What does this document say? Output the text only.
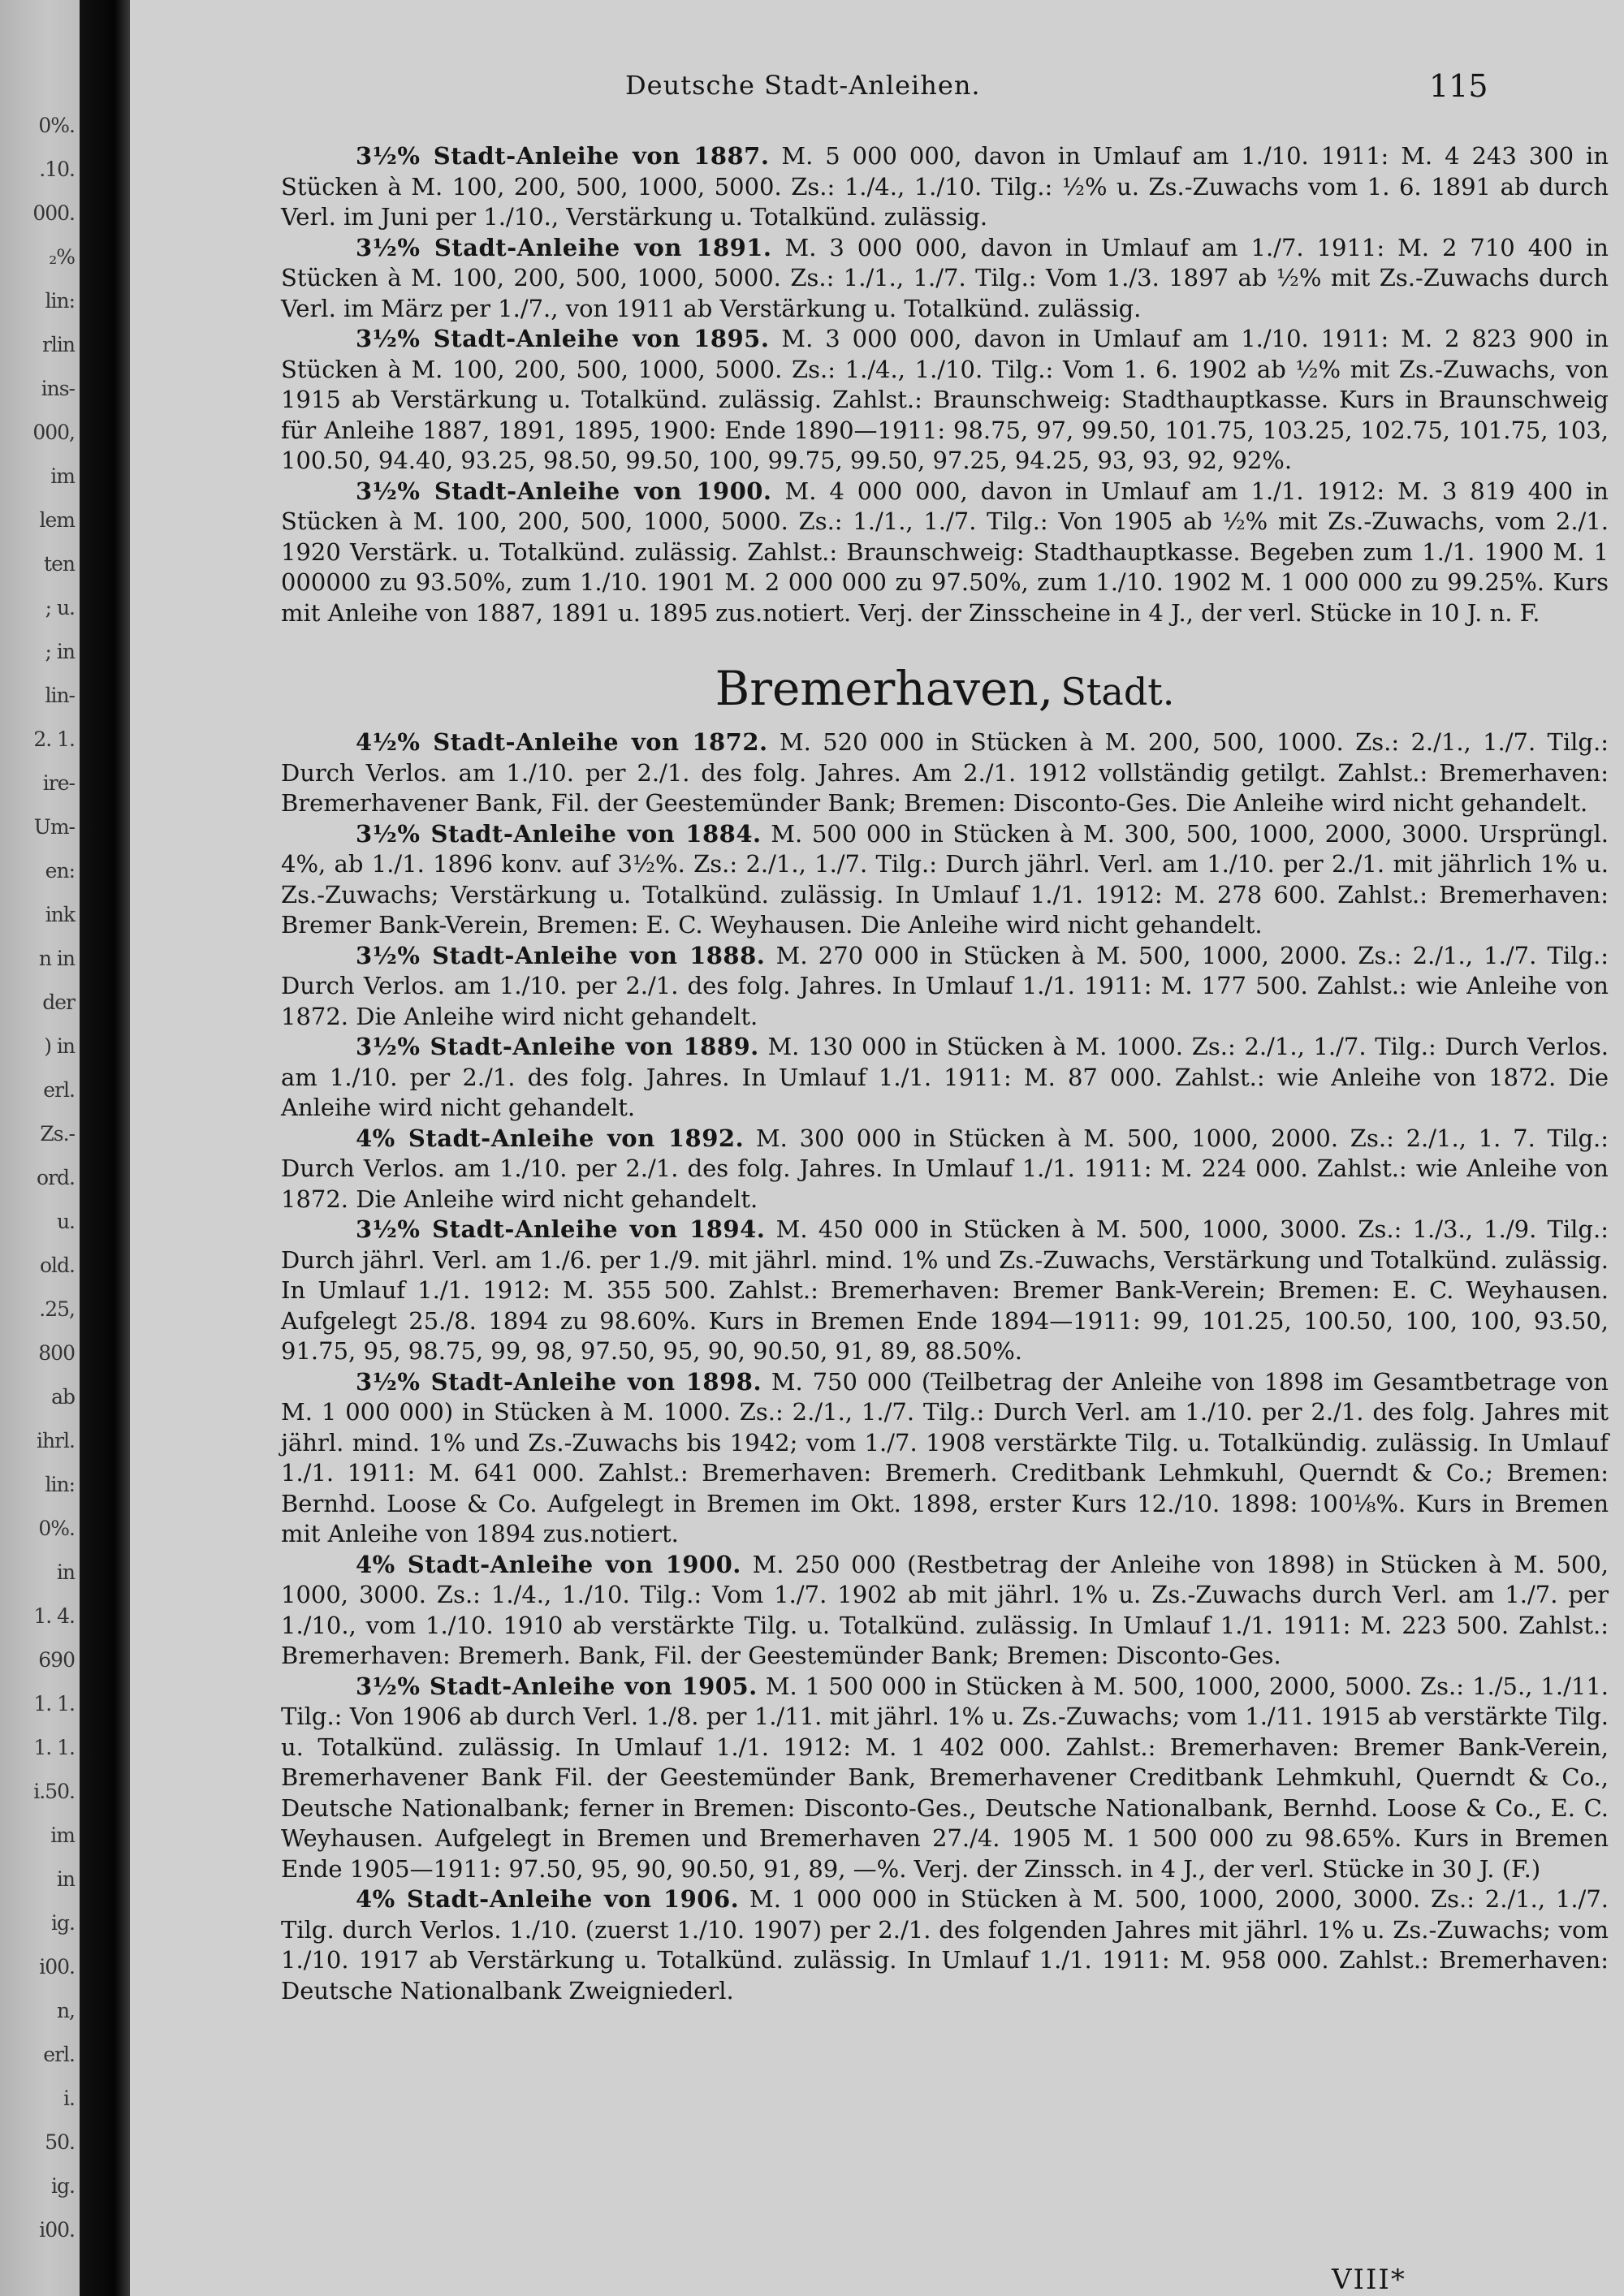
0%.
.10.
000.
₂%
lin:
rlin
ins-
000,
im
lem
ten
; u.
; in
lin-
2. 1.
ire-
Um-
en:
ink
n in
der
) in
erl.
Zs.-
ord.
u.
old.
.25,
800
ab
ihrl.
lin:
0%.
in
1. 4.
690
1. 1.
1. 1.
i.50.
im
in
ig.
i00.
n,
erl.
i.
50.
ig.
i00.
Deutsche Stadt-Anleihen.	115

3½% Stadt-Anleihe von 1887. M. 5 000 000, davon in Umlauf am 1./10. 1911: M. 4 243 300 in Stücken à M. 100, 200, 500, 1000, 5000. Zs.: 1./4., 1./10. Tilg.: ½% u. Zs.-Zuwachs vom 1. 6. 1891 ab durch Verl. im Juni per 1./10., Verstärkung u. Totalkünd. zulässig.

3½% Stadt-Anleihe von 1891. M. 3 000 000, davon in Umlauf am 1./7. 1911: M. 2 710 400 in Stücken à M. 100, 200, 500, 1000, 5000. Zs.: 1./1., 1./7. Tilg.: Vom 1./3. 1897 ab ½% mit Zs.-Zuwachs durch Verl. im März per 1./7., von 1911 ab Verstärkung u. Totalkünd. zulässig.

3½% Stadt-Anleihe von 1895. M. 3 000 000, davon in Umlauf am 1./10. 1911: M. 2 823 900 in Stücken à M. 100, 200, 500, 1000, 5000. Zs.: 1./4., 1./10. Tilg.: Vom 1. 6. 1902 ab ½% mit Zs.-Zuwachs, von 1915 ab Verstärkung u. Totalkünd. zulässig. Zahlst.: Braunschweig: Stadthauptkasse. Kurs in Braunschweig für Anleihe 1887, 1891, 1895, 1900: Ende 1890—1911: 98.75, 97, 99.50, 101.75, 103.25, 102.75, 101.75, 103, 100.50, 94.40, 93.25, 98.50, 99.50, 100, 99.75, 99.50, 97.25, 94.25, 93, 93, 92, 92%.

3½% Stadt-Anleihe von 1900. M. 4 000 000, davon in Umlauf am 1./1. 1912: M. 3 819 400 in Stücken à M. 100, 200, 500, 1000, 5000. Zs.: 1./1., 1./7. Tilg.: Von 1905 ab ½% mit Zs.-Zuwachs, vom 2./1. 1920 Verstärk. u. Totalkünd. zulässig. Zahlst.: Braunschweig: Stadthauptkasse. Begeben zum 1./1. 1900 M. 1 000000 zu 93.50%, zum 1./10. 1901 M. 2 000 000 zu 97.50%, zum 1./10. 1902 M. 1 000 000 zu 99.25%. Kurs mit Anleihe von 1887, 1891 u. 1895 zus.notiert. Verj. der Zinsscheine in 4 J., der verl. Stücke in 10 J. n. F.

Bremerhaven, Stadt.

4½% Stadt-Anleihe von 1872. M. 520 000 in Stücken à M. 200, 500, 1000. Zs.: 2./1., 1./7. Tilg.: Durch Verlos. am 1./10. per 2./1. des folg. Jahres. Am 2./1. 1912 vollständig getilgt. Zahlst.: Bremerhaven: Bremerhavener Bank, Fil. der Geestemünder Bank; Bremen: Disconto-Ges. Die Anleihe wird nicht gehandelt.

3½% Stadt-Anleihe von 1884. M. 500 000 in Stücken à M. 300, 500, 1000, 2000, 3000. Ursprüngl. 4%, ab 1./1. 1896 konv. auf 3½%. Zs.: 2./1., 1./7. Tilg.: Durch jährl. Verl. am 1./10. per 2./1. mit jährlich 1% u. Zs.-Zuwachs; Verstärkung u. Totalkünd. zulässig. In Umlauf 1./1. 1912: M. 278 600. Zahlst.: Bremerhaven: Bremer Bank-Verein, Bremen: E. C. Weyhausen. Die Anleihe wird nicht gehandelt.

3½% Stadt-Anleihe von 1888. M. 270 000 in Stücken à M. 500, 1000, 2000. Zs.: 2./1., 1./7. Tilg.: Durch Verlos. am 1./10. per 2./1. des folg. Jahres. In Umlauf 1./1. 1911: M. 177 500. Zahlst.: wie Anleihe von 1872. Die Anleihe wird nicht gehandelt.

3½% Stadt-Anleihe von 1889. M. 130 000 in Stücken à M. 1000. Zs.: 2./1., 1./7. Tilg.: Durch Verlos. am 1./10. per 2./1. des folg. Jahres. In Umlauf 1./1. 1911: M. 87 000. Zahlst.: wie Anleihe von 1872. Die Anleihe wird nicht gehandelt.

4% Stadt-Anleihe von 1892. M. 300 000 in Stücken à M. 500, 1000, 2000. Zs.: 2./1., 1. 7. Tilg.: Durch Verlos. am 1./10. per 2./1. des folg. Jahres. In Umlauf 1./1. 1911: M. 224 000. Zahlst.: wie Anleihe von 1872. Die Anleihe wird nicht gehandelt.

3½% Stadt-Anleihe von 1894. M. 450 000 in Stücken à M. 500, 1000, 3000. Zs.: 1./3., 1./9. Tilg.: Durch jährl. Verl. am 1./6. per 1./9. mit jährl. mind. 1% und Zs.-Zuwachs, Verstärkung und Totalkünd. zulässig. In Umlauf 1./1. 1912: M. 355 500. Zahlst.: Bremerhaven: Bremer Bank-Verein; Bremen: E. C. Weyhausen. Aufgelegt 25./8. 1894 zu 98.60%. Kurs in Bremen Ende 1894—1911: 99, 101.25, 100.50, 100, 100, 93.50, 91.75, 95, 98.75, 99, 98, 97.50, 95, 90, 90.50, 91, 89, 88.50%.

3½% Stadt-Anleihe von 1898. M. 750 000 (Teilbetrag der Anleihe von 1898 im Gesamtbetrage von M. 1 000 000) in Stücken à M. 1000. Zs.: 2./1., 1./7. Tilg.: Durch Verl. am 1./10. per 2./1. des folg. Jahres mit jährl. mind. 1% und Zs.-Zuwachs bis 1942; vom 1./7. 1908 verstärkte Tilg. u. Totalkündig. zulässig. In Umlauf 1./1. 1911: M. 641 000. Zahlst.: Bremerhaven: Bremerh. Creditbank Lehmkuhl, Querndt & Co.; Bremen: Bernhd. Loose & Co. Aufgelegt in Bremen im Okt. 1898, erster Kurs 12./10. 1898: 100⅛%. Kurs in Bremen mit Anleihe von 1894 zus.notiert.

4% Stadt-Anleihe von 1900. M. 250 000 (Restbetrag der Anleihe von 1898) in Stücken à M. 500, 1000, 3000. Zs.: 1./4., 1./10. Tilg.: Vom 1./7. 1902 ab mit jährl. 1% u. Zs.-Zuwachs durch Verl. am 1./7. per 1./10., vom 1./10. 1910 ab verstärkte Tilg. u. Totalkünd. zulässig. In Umlauf 1./1. 1911: M. 223 500. Zahlst.: Bremerhaven: Bremerh. Bank, Fil. der Geestemünder Bank; Bremen: Disconto-Ges.

3½% Stadt-Anleihe von 1905. M. 1 500 000 in Stücken à M. 500, 1000, 2000, 5000. Zs.: 1./5., 1./11. Tilg.: Von 1906 ab durch Verl. 1./8. per 1./11. mit jährl. 1% u. Zs.-Zuwachs; vom 1./11. 1915 ab verstärkte Tilg. u. Totalkünd. zulässig. In Umlauf 1./1. 1912: M. 1 402 000. Zahlst.: Bremerhaven: Bremer Bank-Verein, Bremerhavener Bank Fil. der Geestemünder Bank, Bremerhavener Creditbank Lehmkuhl, Querndt & Co., Deutsche Nationalbank; ferner in Bremen: Disconto-Ges., Deutsche Nationalbank, Bernhd. Loose & Co., E. C. Weyhausen. Aufgelegt in Bremen und Bremerhaven 27./4. 1905 M. 1 500 000 zu 98.65%. Kurs in Bremen Ende 1905—1911: 97.50, 95, 90, 90.50, 91, 89, —%. Verj. der Zinssch. in 4 J., der verl. Stücke in 30 J. (F.)

4% Stadt-Anleihe von 1906. M. 1 000 000 in Stücken à M. 500, 1000, 2000, 3000. Zs.: 2./1., 1./7. Tilg. durch Verlos. 1./10. (zuerst 1./10. 1907) per 2./1. des folgenden Jahres mit jährl. 1% u. Zs.-Zuwachs; vom 1./10. 1917 ab Verstärkung u. Totalkünd. zulässig. In Umlauf 1./1. 1911: M. 958 000. Zahlst.: Bremerhaven: Deutsche Nationalbank Zweigniederl.

VIII*
